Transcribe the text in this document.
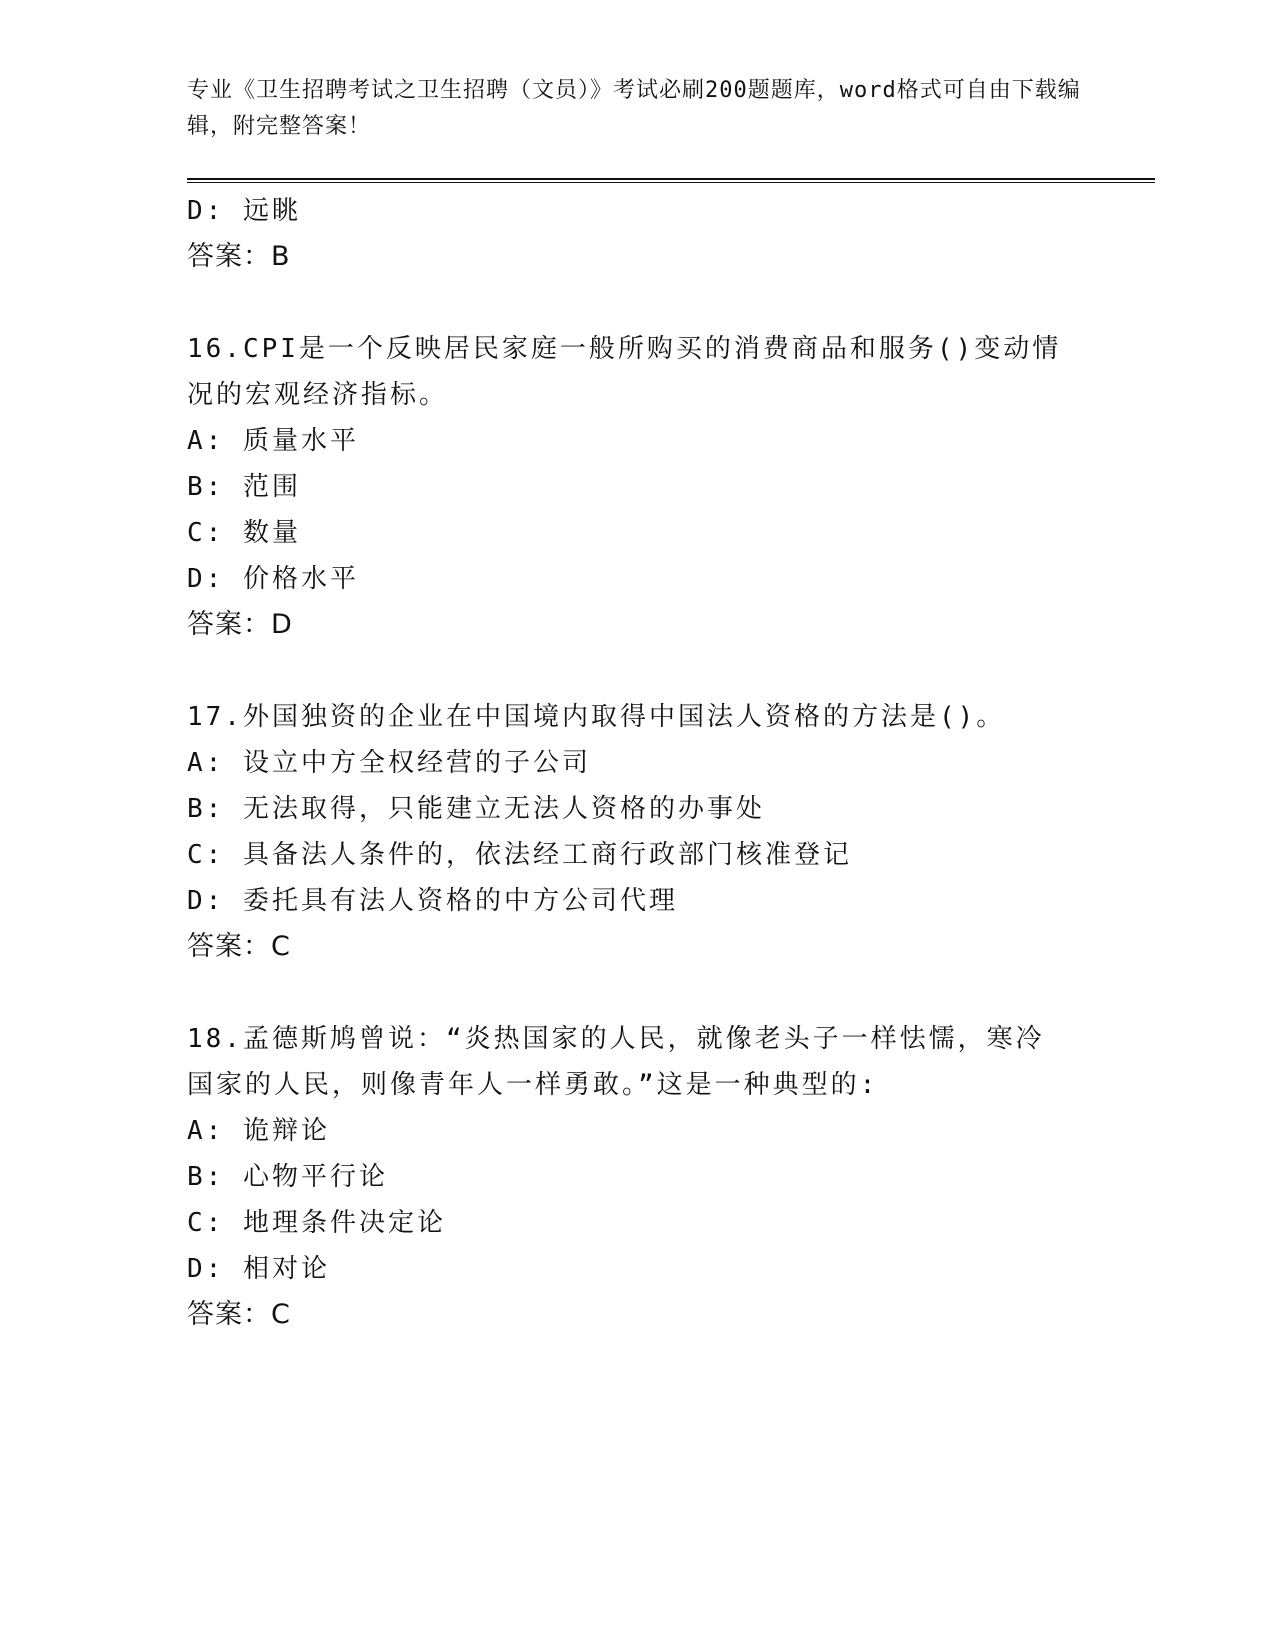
专业《卫生招聘考试之卫生招聘（文员）》考试必刷200题题库，word格式可自由下载编辑，附完整答案！
D: 远眺
答案：B
16.CPI是一个反映居民家庭一般所购买的消费商品和服务()变动情况的宏观经济指标。
A: 质量水平
B: 范围
C: 数量
D: 价格水平
答案：D
17.外国独资的企业在中国境内取得中国法人资格的方法是()。
A: 设立中方全权经营的子公司
B: 无法取得，只能建立无法人资格的办事处
C: 具备法人条件的，依法经工商行政部门核准登记
D: 委托具有法人资格的中方公司代理
答案：C
18.孟德斯鸠曾说：“炎热国家的人民，就像老头子一样怯懦，寒冷国家的人民，则像青年人一样勇敢。”这是一种典型的:
A: 诡辩论
B: 心物平行论
C: 地理条件决定论
D: 相对论
答案：C
